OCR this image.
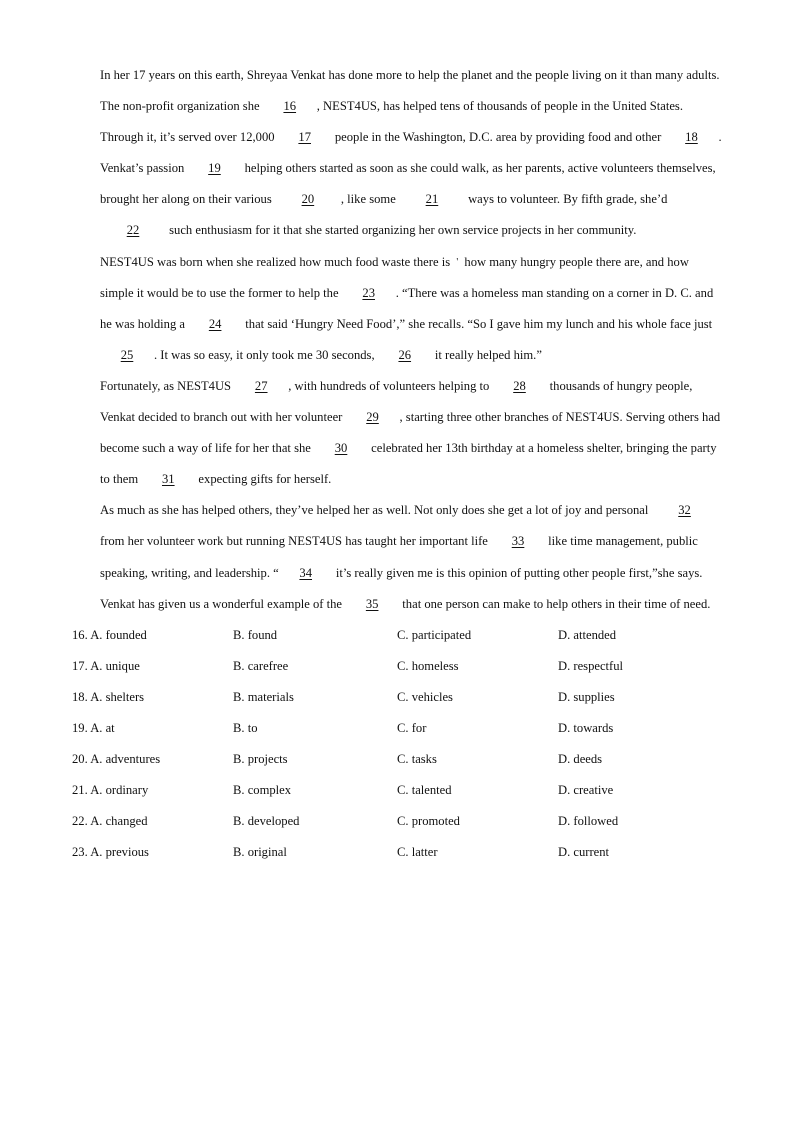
In her 17 years on this earth, Shreyaa Venkat has done more to help the planet and the people living on it than many adults. The non-profit organization she 16 , NEST4US, has helped tens of thousands of people in the United States. Through it, it’s served over 12,000 17 people in the Washington, D.C. area by providing food and other 18 .

Venkat’s passion 19 helping others started as soon as she could walk, as her parents, active volunteers themselves, brought her along on their various 20 , like some 21 ways to volunteer. By fifth grade, she’d 22 such enthusiasm for it that she started organizing her own service projects in her community.

NEST4US was born when she realized how much food waste there is ' how many hungry people there are, and how simple it would be to use the former to help the 23 . “There was a homeless man standing on a corner in D. C. and he was holding a 24 that said ‘Hungry Need Food’,” she recalls. “So I gave him my lunch and his whole face just 25 . It was so easy, it only took me 30 seconds, 26 it really helped him.”

Fortunately, as NEST4US 27 , with hundreds of volunteers helping to 28 thousands of hungry people, Venkat decided to branch out with her volunteer 29 , starting three other branches of NEST4US. Serving others had become such a way of life for her that she 30 celebrated her 13th birthday at a homeless shelter, bringing the party to them 31 expecting gifts for herself.

As much as she has helped others, they’ve helped her as well. Not only does she get a lot of joy and personal 32 from her volunteer work but running NEST4US has taught her important life 33 like time management, public speaking, writing, and leadership. “ 34 it’s really given me is this opinion of putting other people first,”she says. Venkat has given us a wonderful example of the 35 that one person can make to help others in their time of need.

16. A. founded	B. found	C. participated	D. attended
17. A. unique	B. carefree	C. homeless	D. respectful
18. A. shelters	B. materials	C. vehicles	D. supplies
19. A. at	B. to	C. for	D. towards
20. A. adventures	B. projects	C. tasks	D. deeds
21. A. ordinary	B. complex	C. talented	D. creative
22. A. changed	B. developed	C. promoted	D. followed
23. A. previous	B. original	C. latter	D. current
